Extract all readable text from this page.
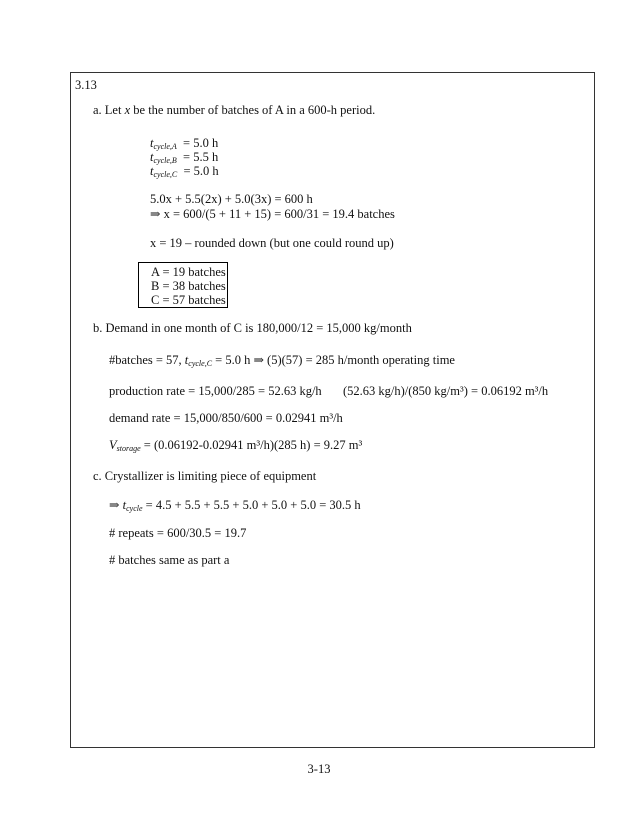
3.13
a. Let x be the number of batches of A in a 600-h period.
$t_{cycle,A} = 5.0$ h
$t_{cycle,B} = 5.5$ h
$t_{cycle,C} = 5.0$ h
5.0x + 5.5(2x) + 5.0(3x) = 600 h
⇒ x = 600/(5 + 11 + 15) = 600/31 = 19.4 batches
x = 19 – rounded down (but one could round up)
b. Demand in one month of C is 180,000/12 = 15,000 kg/month
#batches = 57, $t_{cycle,C} = 5.0$ h ⇒ (5)(57) = 285 h/month operating time
production rate = 15,000/285 = 52.63 kg/h (52.63 kg/h)/(850 kg/m³) = 0.06192 m³/h
demand rate = 15,000/850/600 = 0.02941 m³/h
$V_{storage} = (0.06192-0.02941$ m³/h)(285 h) = 9.27 m³
c. Crystallizer is limiting piece of equipment
⇒ $t_{cycle} = 4.5 + 5.5 + 5.5 + 5.0 + 5.0 + 5.0 = 30.5$ h
# repeats = 600/30.5 = 19.7
# batches same as part a
A = 19 batches
B = 38 batches
C = 57 batches
3-13
